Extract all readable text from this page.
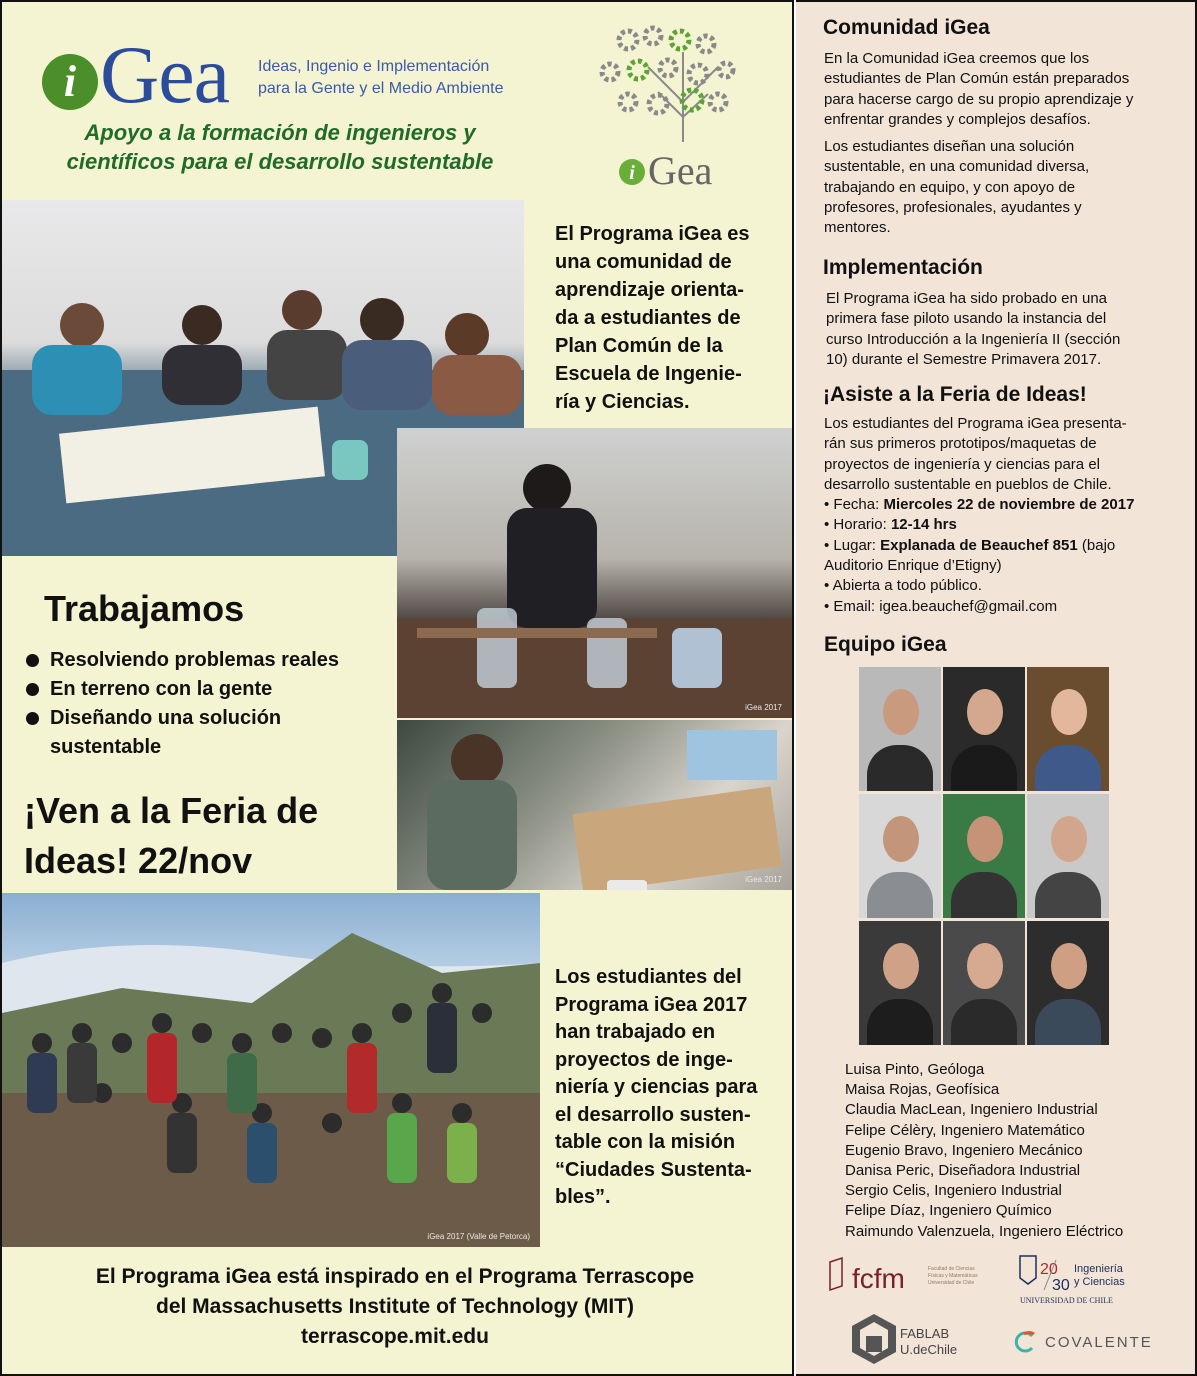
i Gea Ideas, Ingenio e Implementación
para la Gente y el Medio Ambiente
Apoyo a la formación de ingenieros y
científicos para el desarrollo sustentable	i Gea
iGea 2017
iGea 2017
iGea 2017 (Valle de Petorca)
El Programa iGea es
una comunidad de
aprendizaje orienta-
da a estudiantes de
Plan Común de la
Escuela de Ingenie-
ría y Ciencias.
Trabajamos
Resolviendo problemas reales
En terreno con la gente
Diseñando una solución
sustentable
¡Ven a la Feria de
Ideas! 22/nov
Los estudiantes del
Programa iGea 2017
han trabajado en
proyectos de inge-
niería y ciencias para
el desarrollo susten-
table con la misión
“Ciudades Sustenta-
bles”.
El Programa iGea está inspirado en el Programa Terrascope
del Massachusetts Institute of Technology (MIT)
terrascope.mit.edu
Comunidad iGea
En la Comunidad iGea creemos que los
estudiantes de Plan Común están preparados
para hacerse cargo de su propio aprendizaje y
enfrentar grandes y complejos desafíos.
Los estudiantes diseñan una solución
sustentable, en una comunidad diversa,
trabajando en equipo, y con apoyo de
profesores, profesionales, ayudantes y
mentores.
Implementación
El Programa iGea ha sido probado en una
primera fase piloto usando la instancia del
curso Introducción a la Ingeniería II (sección
10) durante el Semestre Primavera 2017.
¡Asiste a la Feria de Ideas!
Los estudiantes del Programa iGea presenta-
rán sus primeros prototipos/maquetas de
proyectos de ingeniería y ciencias para el
desarrollo sustentable en pueblos de Chile.
• Fecha: Miercoles 22 de noviembre de 2017
• Horario: 12-14 hrs
• Lugar: Explanada de Beauchef 851 (bajo
Auditorio Enrique d’Etigny)
• Abierta a todo público.
• Email: igea.beauchef@gmail.com
Equipo iGea
Luisa Pinto, Geóloga
Maisa Rojas, Geofísica
Claudia MacLean, Ingeniero Industrial
Felipe Célèry, Ingeniero Matemático
Eugenio Bravo, Ingeniero Mecánico
Danisa Peric, Diseñadora Industrial
Sergio Celis, Ingeniero Industrial
Felipe Díaz, Ingeniero Químico
Raimundo Valenzuela, Ingeniero Eléctrico
fcfm	Facultad de Ciencias
Físicas y Matemáticas
Universidad de Chile
20
30
Ingeniería
y Ciencias
UNIVERSIDAD DE CHILE
FABLAB
U.deChile	COVALENTE
